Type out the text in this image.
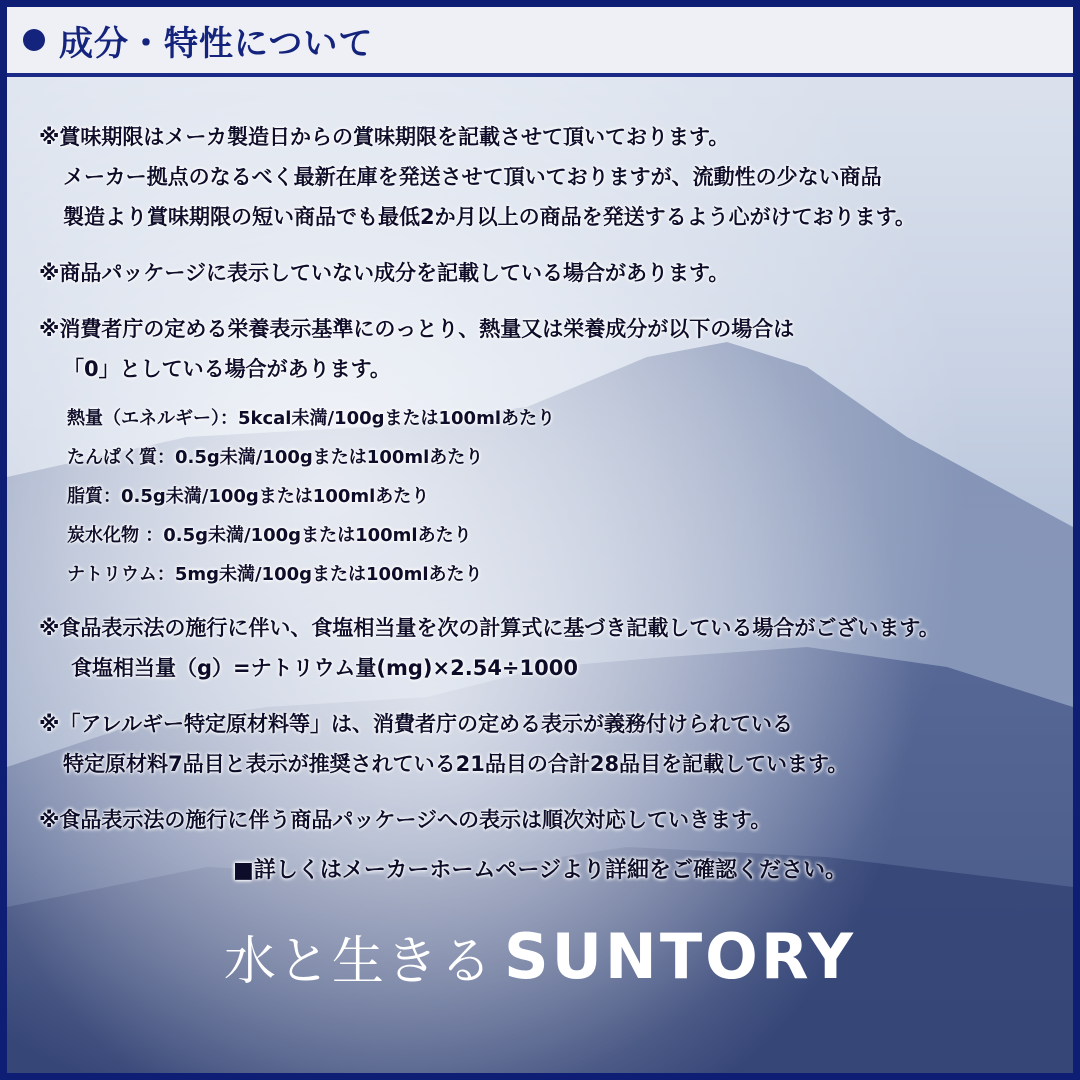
成分・特性について
※賞味期限はメーカ製造日からの賞味期限を記載させて頂いております。
メーカー拠点のなるべく最新在庫を発送させて頂いておりますが、流動性の少ない商品
製造より賞味期限の短い商品でも最低2か月以上の商品を発送するよう心がけております。
※商品パッケージに表示していない成分を記載している場合があります。
※消費者庁の定める栄養表示基準にのっとり、熱量又は栄養成分が以下の場合は
「0」としている場合があります。
熱量（エネルギー）：5kcal未満/100gまたは100mlあたり
たんぱく質：0.5g未満/100gまたは100mlあたり
脂質：0.5g未満/100gまたは100mlあたり
炭水化物 ：0.5g未満/100gまたは100mlあたり
ナトリウム：5mg未満/100gまたは100mlあたり
※食品表示法の施行に伴い、食塩相当量を次の計算式に基づき記載している場合がございます。
食塩相当量（g）=ナトリウム量(mg)×2.54÷1000
※「アレルギー特定原材料等」は、消費者庁の定める表示が義務付けられている
特定原材料7品目と表示が推奨されている21品目の合計28品目を記載しています。
※食品表示法の施行に伴う商品パッケージへの表示は順次対応していきます。
■詳しくはメーカーホームページより詳細をご確認ください。
水と生きる SUNTORY
